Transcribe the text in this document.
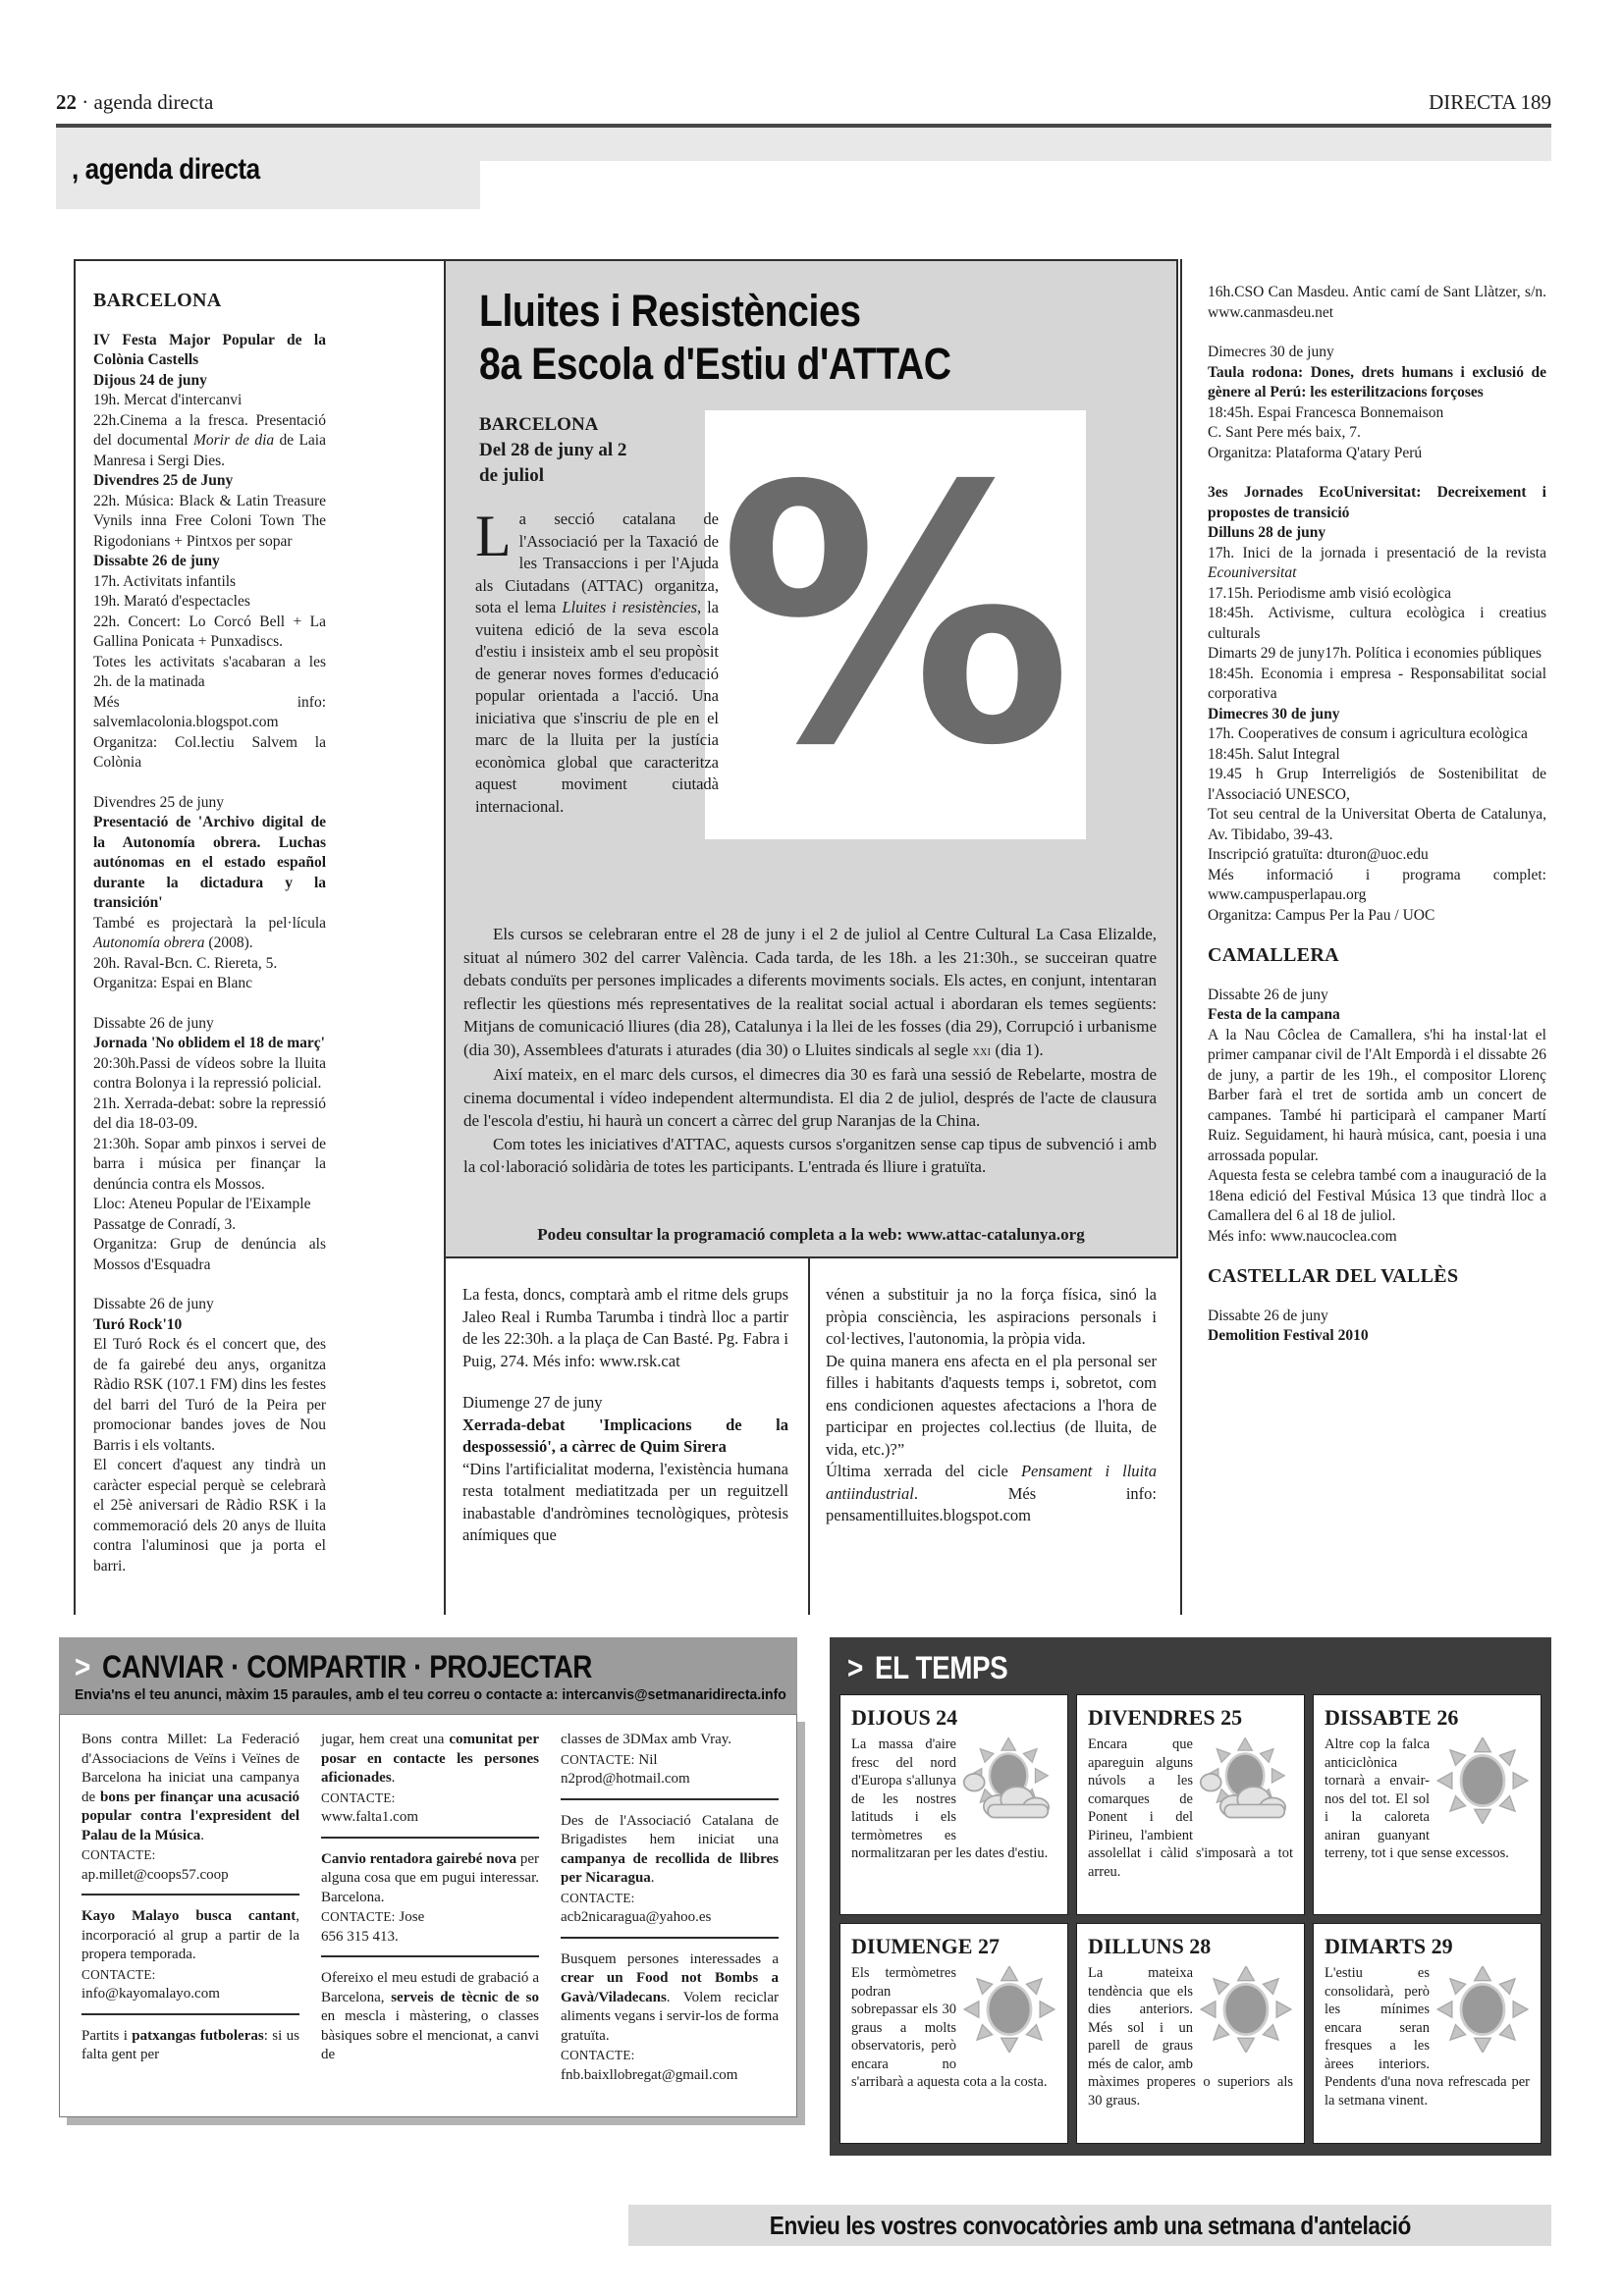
22 · agenda directa	DIRECTA 189
, agenda directa
BARCELONA
IV Festa Major Popular de la Colònia Castells
Dijous 24 de juny
19h. Mercat d'intercanvi
22h.Cinema a la fresca. Presentació del documental Morir de dia de Laia Manresa i Sergi Dies.
Divendres 25 de Juny
22h. Música: Black & Latin Treasure Vynils inna Free Coloni Town The Rigodonians + Pintxos per sopar
Dissabte 26 de juny
17h. Activitats infantils
19h. Marató d'espectacles
22h. Concert: Lo Corcó Bell + La Gallina Ponicata + Punxadiscs.
Totes les activitats s'acabaran a les 2h. de la matinada
Més info: salvemlacolonia.blogspot.com
Organitza: Col.lectiu Salvem la Colònia
Divendres 25 de juny
Presentació de 'Archivo digital de la Autonomía obrera. Luchas autónomas en el estado español durante la dictadura y la transición'
També es projectarà la pel·lícula Autonomía obrera (2008).
20h. Raval-Bcn. C. Riereta, 5.
Organitza: Espai en Blanc
Dissabte 26 de juny
Jornada 'No oblidem el 18 de març'
20:30h.Passi de vídeos sobre la lluita contra Bolonya i la repressió policial.
21h. Xerrada-debat: sobre la repressió del dia 18-03-09.
21:30h. Sopar amb pinxos i servei de barra i música per finançar la denúncia contra els Mossos.
Lloc: Ateneu Popular de l'Eixample
Passatge de Conradí, 3.
Organitza: Grup de denúncia als Mossos d'Esquadra
Dissabte 26 de juny
Turó Rock'10
El Turó Rock és el concert que, des de fa gairebé deu anys, organitza Ràdio RSK (107.1 FM) dins les festes del barri del Turó de la Peira per promocionar bandes joves de Nou Barris i els voltants.
El concert d'aquest any tindrà un caràcter especial perquè se celebrarà el 25è aniversari de Ràdio RSK i la commemoració dels 20 anys de lluita contra l'aluminosi que ja porta el barri.
Lluites i Resistències
8a Escola d'Estiu d'ATTAC
BARCELONA
Del 28 de juny al 2
de juliol %
La secció catalana de l'Associació per la Taxació de les Transaccions i per l'Ajuda als Ciutadans (ATTAC) organitza, sota el lema Lluites i resistències, la vuitena edició de la seva escola d'estiu i insisteix amb el seu propòsit de generar noves formes d'educació popular orientada a l'acció. Una iniciativa que s'inscriu de ple en el marc de la lluita per la justícia econòmica global que caracteritza aquest moviment ciutadà internacional.
Els cursos se celebraran entre el 28 de juny i el 2 de juliol al Centre Cultural La Casa Elizalde, situat al número 302 del carrer València. Cada tarda, de les 18h. a les 21:30h., se succeiran quatre debats conduïts per persones implicades a diferents moviments socials. Els actes, en conjunt, intentaran reflectir les qüestions més representatives de la realitat social actual i abordaran els temes següents: Mitjans de comunicació lliures (dia 28), Catalunya i la llei de les fosses (dia 29), Corrupció i urbanisme (dia 30), Assemblees d'aturats i aturades (dia 30) o Lluites sindicals al segle xxi (dia 1).
Així mateix, en el marc dels cursos, el dimecres dia 30 es farà una sessió de Rebelarte, mostra de cinema documental i vídeo independent altermundista. El dia 2 de juliol, després de l'acte de clausura de l'escola d'estiu, hi haurà un concert a càrrec del grup Naranjas de la China.
Com totes les iniciatives d'ATTAC, aquests cursos s'organitzen sense cap tipus de subvenció i amb la col·laboració solidària de totes les participants. L'entrada és lliure i gratuïta.
Podeu consultar la programació completa a la web: www.attac-catalunya.org
La festa, doncs, comptarà amb el ritme dels grups Jaleo Real i Rumba Tarumba i tindrà lloc a partir de les 22:30h. a la plaça de Can Basté. Pg. Fabra i Puig, 274. Més info: www.rsk.cat
Diumenge 27 de juny
Xerrada-debat 'Implicacions de la despossessió', a càrrec de Quim Sirera
“Dins l'artificialitat moderna, l'existència humana resta totalment mediatitzada per un reguitzell inabastable d'andròmines tecnològiques, pròtesis anímiques que
vénen a substituir ja no la força física, sinó la pròpia consciència, les aspiracions personals i col·lectives, l'autonomia, la pròpia vida.
De quina manera ens afecta en el pla personal ser filles i habitants d'aquests temps i, sobretot, com ens condicionen aquestes afectacions a l'hora de participar en projectes col.lectius (de lluita, de vida, etc.)?”
Última xerrada del cicle Pensament i lluita antiindustrial. Més info: pensamentilluites.blogspot.com
16h.CSO Can Masdeu. Antic camí de Sant Llàtzer, s/n. www.canmasdeu.net
Dimecres 30 de juny
Taula rodona: Dones, drets humans i exclusió de gènere al Perú: les esterilitzacions forçoses
18:45h. Espai Francesca Bonnemaison
C. Sant Pere més baix, 7.
Organitza: Plataforma Q'atary Perú
3es Jornades EcoUniversitat: Decreixement i propostes de transició
Dilluns 28 de juny
17h. Inici de la jornada i presentació de la revista Ecouniversitat
17.15h. Periodisme amb visió ecològica
18:45h. Activisme, cultura ecològica i creatius culturals
Dimarts 29 de juny17h. Política i economies públiques
18:45h. Economia i empresa - Responsabilitat social corporativa
Dimecres 30 de juny
17h. Cooperatives de consum i agricultura ecològica
18:45h. Salut Integral
19.45 h Grup Interreligiós de Sostenibilitat de l'Associació UNESCO,
Tot seu central de la Universitat Oberta de Catalunya, Av. Tibidabo, 39-43.
Inscripció gratuïta: dturon@uoc.edu
Més informació i programa complet: www.campusperlapau.org
Organitza: Campus Per la Pau / UOC
CAMALLERA
Dissabte 26 de juny
Festa de la campana
A la Nau Côclea de Camallera, s'hi ha instal·lat el primer campanar civil de l'Alt Empordà i el dissabte 26 de juny, a partir de les 19h., el compositor Llorenç Barber farà el tret de sortida amb un concert de campanes. També hi participarà el campaner Martí Ruiz. Seguidament, hi haurà música, cant, poesia i una arrossada popular.
Aquesta festa se celebra també com a inauguració de la 18ena edició del Festival Música 13 que tindrà lloc a Camallera del 6 al 18 de juliol.
Més info: www.naucoclea.com
CASTELLAR DEL VALLÈS
Dissabte 26 de juny
Demolition Festival 2010
> CANVIAR · COMPARTIR · PROJECTAR
Envia'ns el teu anunci, màxim 15 paraules, amb el teu correu o contacte a: intercanvis@setmanaridirecta.info
Bons contra Millet: La Federació d'Associacions de Veïns i Veïnes de Barcelona ha iniciat una campanya de bons per finançar una acusació popular contra l'expresident del Palau de la Música.
CONTACTE:
ap.millet@coops57.coop
Kayo Malayo busca cantant, incorporació al grup a partir de la propera temporada.
CONTACTE:
info@kayomalayo.com
Partits i patxangas futboleras: si us falta gent per
jugar, hem creat una comunitat per posar en contacte les persones aficionades.
CONTACTE:
www.falta1.com
Canvio rentadora gairebé nova per alguna cosa que em pugui interessar. Barcelona.
CONTACTE: Jose
656 315 413.
Ofereixo el meu estudi de grabació a Barcelona, serveis de tècnic de so en mescla i màstering, o classes bàsiques sobre el mencionat, a canvi de
classes de 3DMax amb Vray.
CONTACTE: Nil
n2prod@hotmail.com
Des de l'Associació Catalana de Brigadistes hem iniciat una campanya de recollida de llibres per Nicaragua.
CONTACTE:
acb2nicaragua@yahoo.es
Busquem persones interessades a crear un Food not Bombs a Gavà/Viladecans. Volem reciclar aliments vegans i servir-los de forma gratuïta.
CONTACTE:
fnb.baixllobregat@gmail.com
> EL TEMPS
DIJOUS 24
La massa d'aire fresc del nord d'Europa s'allunya de les nostres latituds i els termòmetres es normalitzaran per les dates d'estiu.
DIVENDRES 25
Encara que apareguin alguns núvols a les comarques de Ponent i del Pirineu, l'ambient assolellat i càlid s'imposarà a tot arreu.
DISSABTE 26
Altre cop la falca anticiclònica tornarà a envair-nos del tot. El sol i la caloreta aniran guanyant terreny, tot i que sense excessos.
DIUMENGE 27
Els termòmetres podran sobrepassar els 30 graus a molts observatoris, però encara no s'arribarà a aquesta cota a la costa.
DILLUNS 28
La mateixa tendència que els dies anteriors. Més sol i un parell de graus més de calor, amb màximes properes o superiors als 30 graus.
DIMARTS 29
L'estiu es consolidarà, però les mínimes encara seran fresques a les àrees interiors. Pendents d'una nova refrescada per la setmana vinent.
Envieu les vostres convocatòries amb una setmana d'antelació
